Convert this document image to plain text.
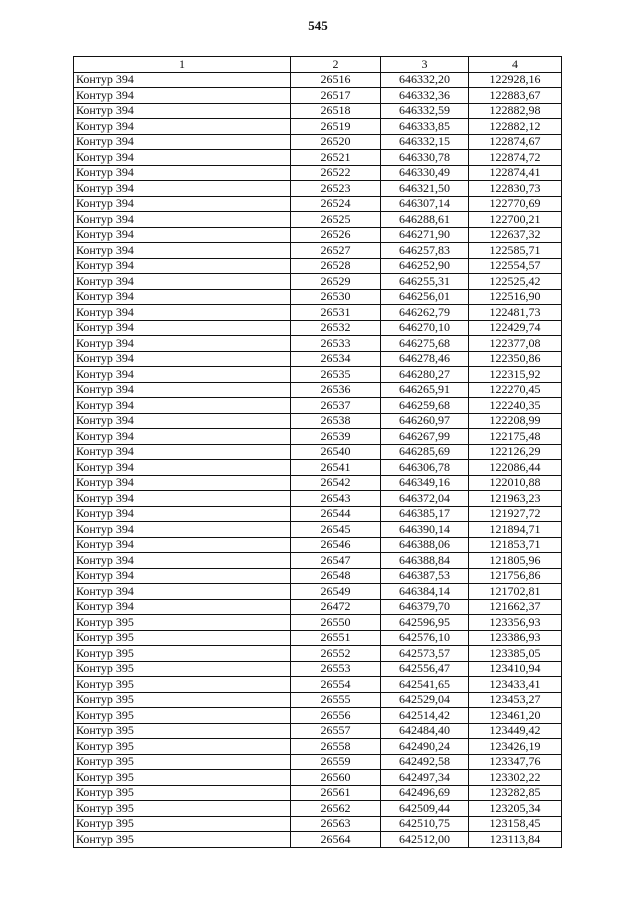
545
1	2	3	4
Контур 394	26516	646332,20	122928,16
Контур 394	26517	646332,36	122883,67
Контур 394	26518	646332,59	122882,98
Контур 394	26519	646333,85	122882,12
Контур 394	26520	646332,15	122874,67
Контур 394	26521	646330,78	122874,72
Контур 394	26522	646330,49	122874,41
Контур 394	26523	646321,50	122830,73
Контур 394	26524	646307,14	122770,69
Контур 394	26525	646288,61	122700,21
Контур 394	26526	646271,90	122637,32
Контур 394	26527	646257,83	122585,71
Контур 394	26528	646252,90	122554,57
Контур 394	26529	646255,31	122525,42
Контур 394	26530	646256,01	122516,90
Контур 394	26531	646262,79	122481,73
Контур 394	26532	646270,10	122429,74
Контур 394	26533	646275,68	122377,08
Контур 394	26534	646278,46	122350,86
Контур 394	26535	646280,27	122315,92
Контур 394	26536	646265,91	122270,45
Контур 394	26537	646259,68	122240,35
Контур 394	26538	646260,97	122208,99
Контур 394	26539	646267,99	122175,48
Контур 394	26540	646285,69	122126,29
Контур 394	26541	646306,78	122086,44
Контур 394	26542	646349,16	122010,88
Контур 394	26543	646372,04	121963,23
Контур 394	26544	646385,17	121927,72
Контур 394	26545	646390,14	121894,71
Контур 394	26546	646388,06	121853,71
Контур 394	26547	646388,84	121805,96
Контур 394	26548	646387,53	121756,86
Контур 394	26549	646384,14	121702,81
Контур 394	26472	646379,70	121662,37
Контур 395	26550	642596,95	123356,93
Контур 395	26551	642576,10	123386,93
Контур 395	26552	642573,57	123385,05
Контур 395	26553	642556,47	123410,94
Контур 395	26554	642541,65	123433,41
Контур 395	26555	642529,04	123453,27
Контур 395	26556	642514,42	123461,20
Контур 395	26557	642484,40	123449,42
Контур 395	26558	642490,24	123426,19
Контур 395	26559	642492,58	123347,76
Контур 395	26560	642497,34	123302,22
Контур 395	26561	642496,69	123282,85
Контур 395	26562	642509,44	123205,34
Контур 395	26563	642510,75	123158,45
Контур 395	26564	642512,00	123113,84
